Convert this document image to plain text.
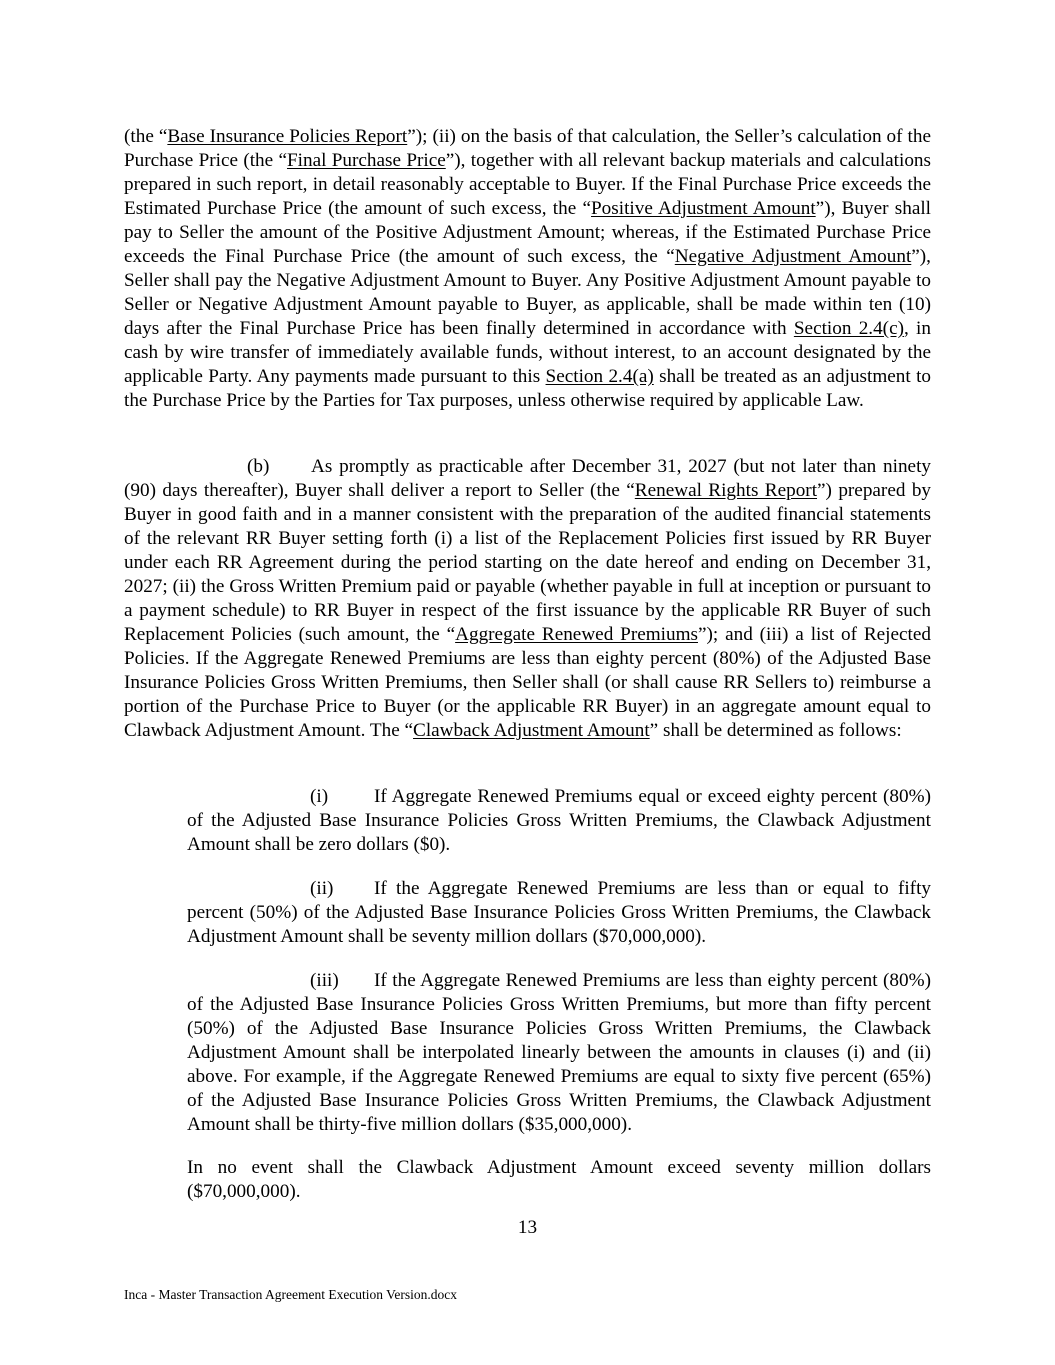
(the “Base Insurance Policies Report”); (ii) on the basis of that calculation, the Seller’s calculation of the Purchase Price (the “Final Purchase Price”), together with all relevant backup materials and calculations prepared in such report, in detail reasonably acceptable to Buyer. If the Final Purchase Price exceeds the Estimated Purchase Price (the amount of such excess, the “Positive Adjustment Amount”), Buyer shall pay to Seller the amount of the Positive Adjustment Amount; whereas, if the Estimated Purchase Price exceeds the Final Purchase Price (the amount of such excess, the “Negative Adjustment Amount”), Seller shall pay the Negative Adjustment Amount to Buyer. Any Positive Adjustment Amount payable to Seller or Negative Adjustment Amount payable to Buyer, as applicable, shall be made within ten (10) days after the Final Purchase Price has been finally determined in accordance with Section 2.4(c), in cash by wire transfer of immediately available funds, without interest, to an account designated by the applicable Party. Any payments made pursuant to this Section 2.4(a) shall be treated as an adjustment to the Purchase Price by the Parties for Tax purposes, unless otherwise required by applicable Law.

(b) As promptly as practicable after December 31, 2027 (but not later than ninety (90) days thereafter), Buyer shall deliver a report to Seller (the “Renewal Rights Report”) prepared by Buyer in good faith and in a manner consistent with the preparation of the audited financial statements of the relevant RR Buyer setting forth (i) a list of the Replacement Policies first issued by RR Buyer under each RR Agreement during the period starting on the date hereof and ending on December 31, 2027; (ii) the Gross Written Premium paid or payable (whether payable in full at inception or pursuant to a payment schedule) to RR Buyer in respect of the first issuance by the applicable RR Buyer of such Replacement Policies (such amount, the “Aggregate Renewed Premiums”); and (iii) a list of Rejected Policies. If the Aggregate Renewed Premiums are less than eighty percent (80%) of the Adjusted Base Insurance Policies Gross Written Premiums, then Seller shall (or shall cause RR Sellers to) reimburse a portion of the Purchase Price to Buyer (or the applicable RR Buyer) in an aggregate amount equal to Clawback Adjustment Amount. The “Clawback Adjustment Amount” shall be determined as follows:

(i) If Aggregate Renewed Premiums equal or exceed eighty percent (80%) of the Adjusted Base Insurance Policies Gross Written Premiums, the Clawback Adjustment Amount shall be zero dollars ($0).

(ii) If the Aggregate Renewed Premiums are less than or equal to fifty percent (50%) of the Adjusted Base Insurance Policies Gross Written Premiums, the Clawback Adjustment Amount shall be seventy million dollars ($70,000,000).

(iii) If the Aggregate Renewed Premiums are less than eighty percent (80%) of the Adjusted Base Insurance Policies Gross Written Premiums, but more than fifty percent (50%) of the Adjusted Base Insurance Policies Gross Written Premiums, the Clawback Adjustment Amount shall be interpolated linearly between the amounts in clauses (i) and (ii) above. For example, if the Aggregate Renewed Premiums are equal to sixty five percent (65%) of the Adjusted Base Insurance Policies Gross Written Premiums, the Clawback Adjustment Amount shall be thirty-five million dollars ($35,000,000).

In no event shall the Clawback Adjustment Amount exceed seventy million dollars ($70,000,000).

13

Inca - Master Transaction Agreement Execution Version.docx
